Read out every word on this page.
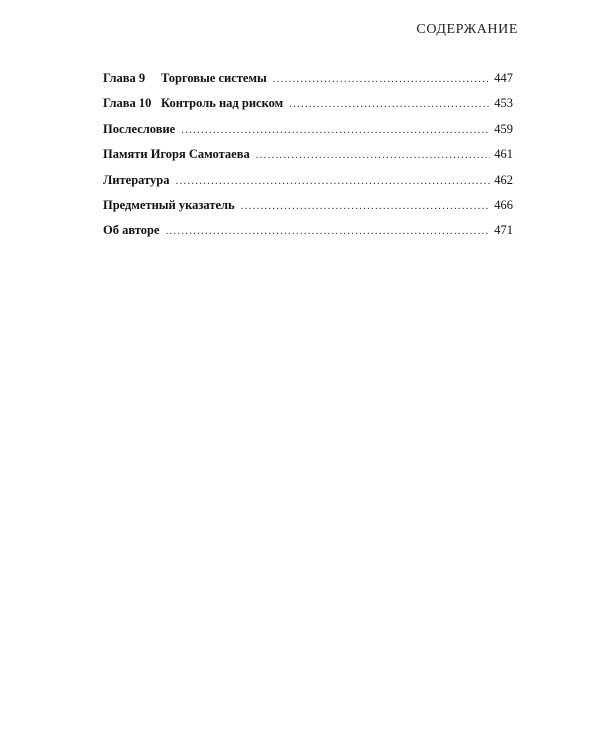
СОДЕРЖАНИЕ
Глава 9	Торговые системы .....	447
Глава 10 Контроль над риском .....	453
Послесловие .....	459
Памяти Игоря Самотаева .....	461
Литература .....	462
Предметный указатель .....	466
Об авторе .....	471
